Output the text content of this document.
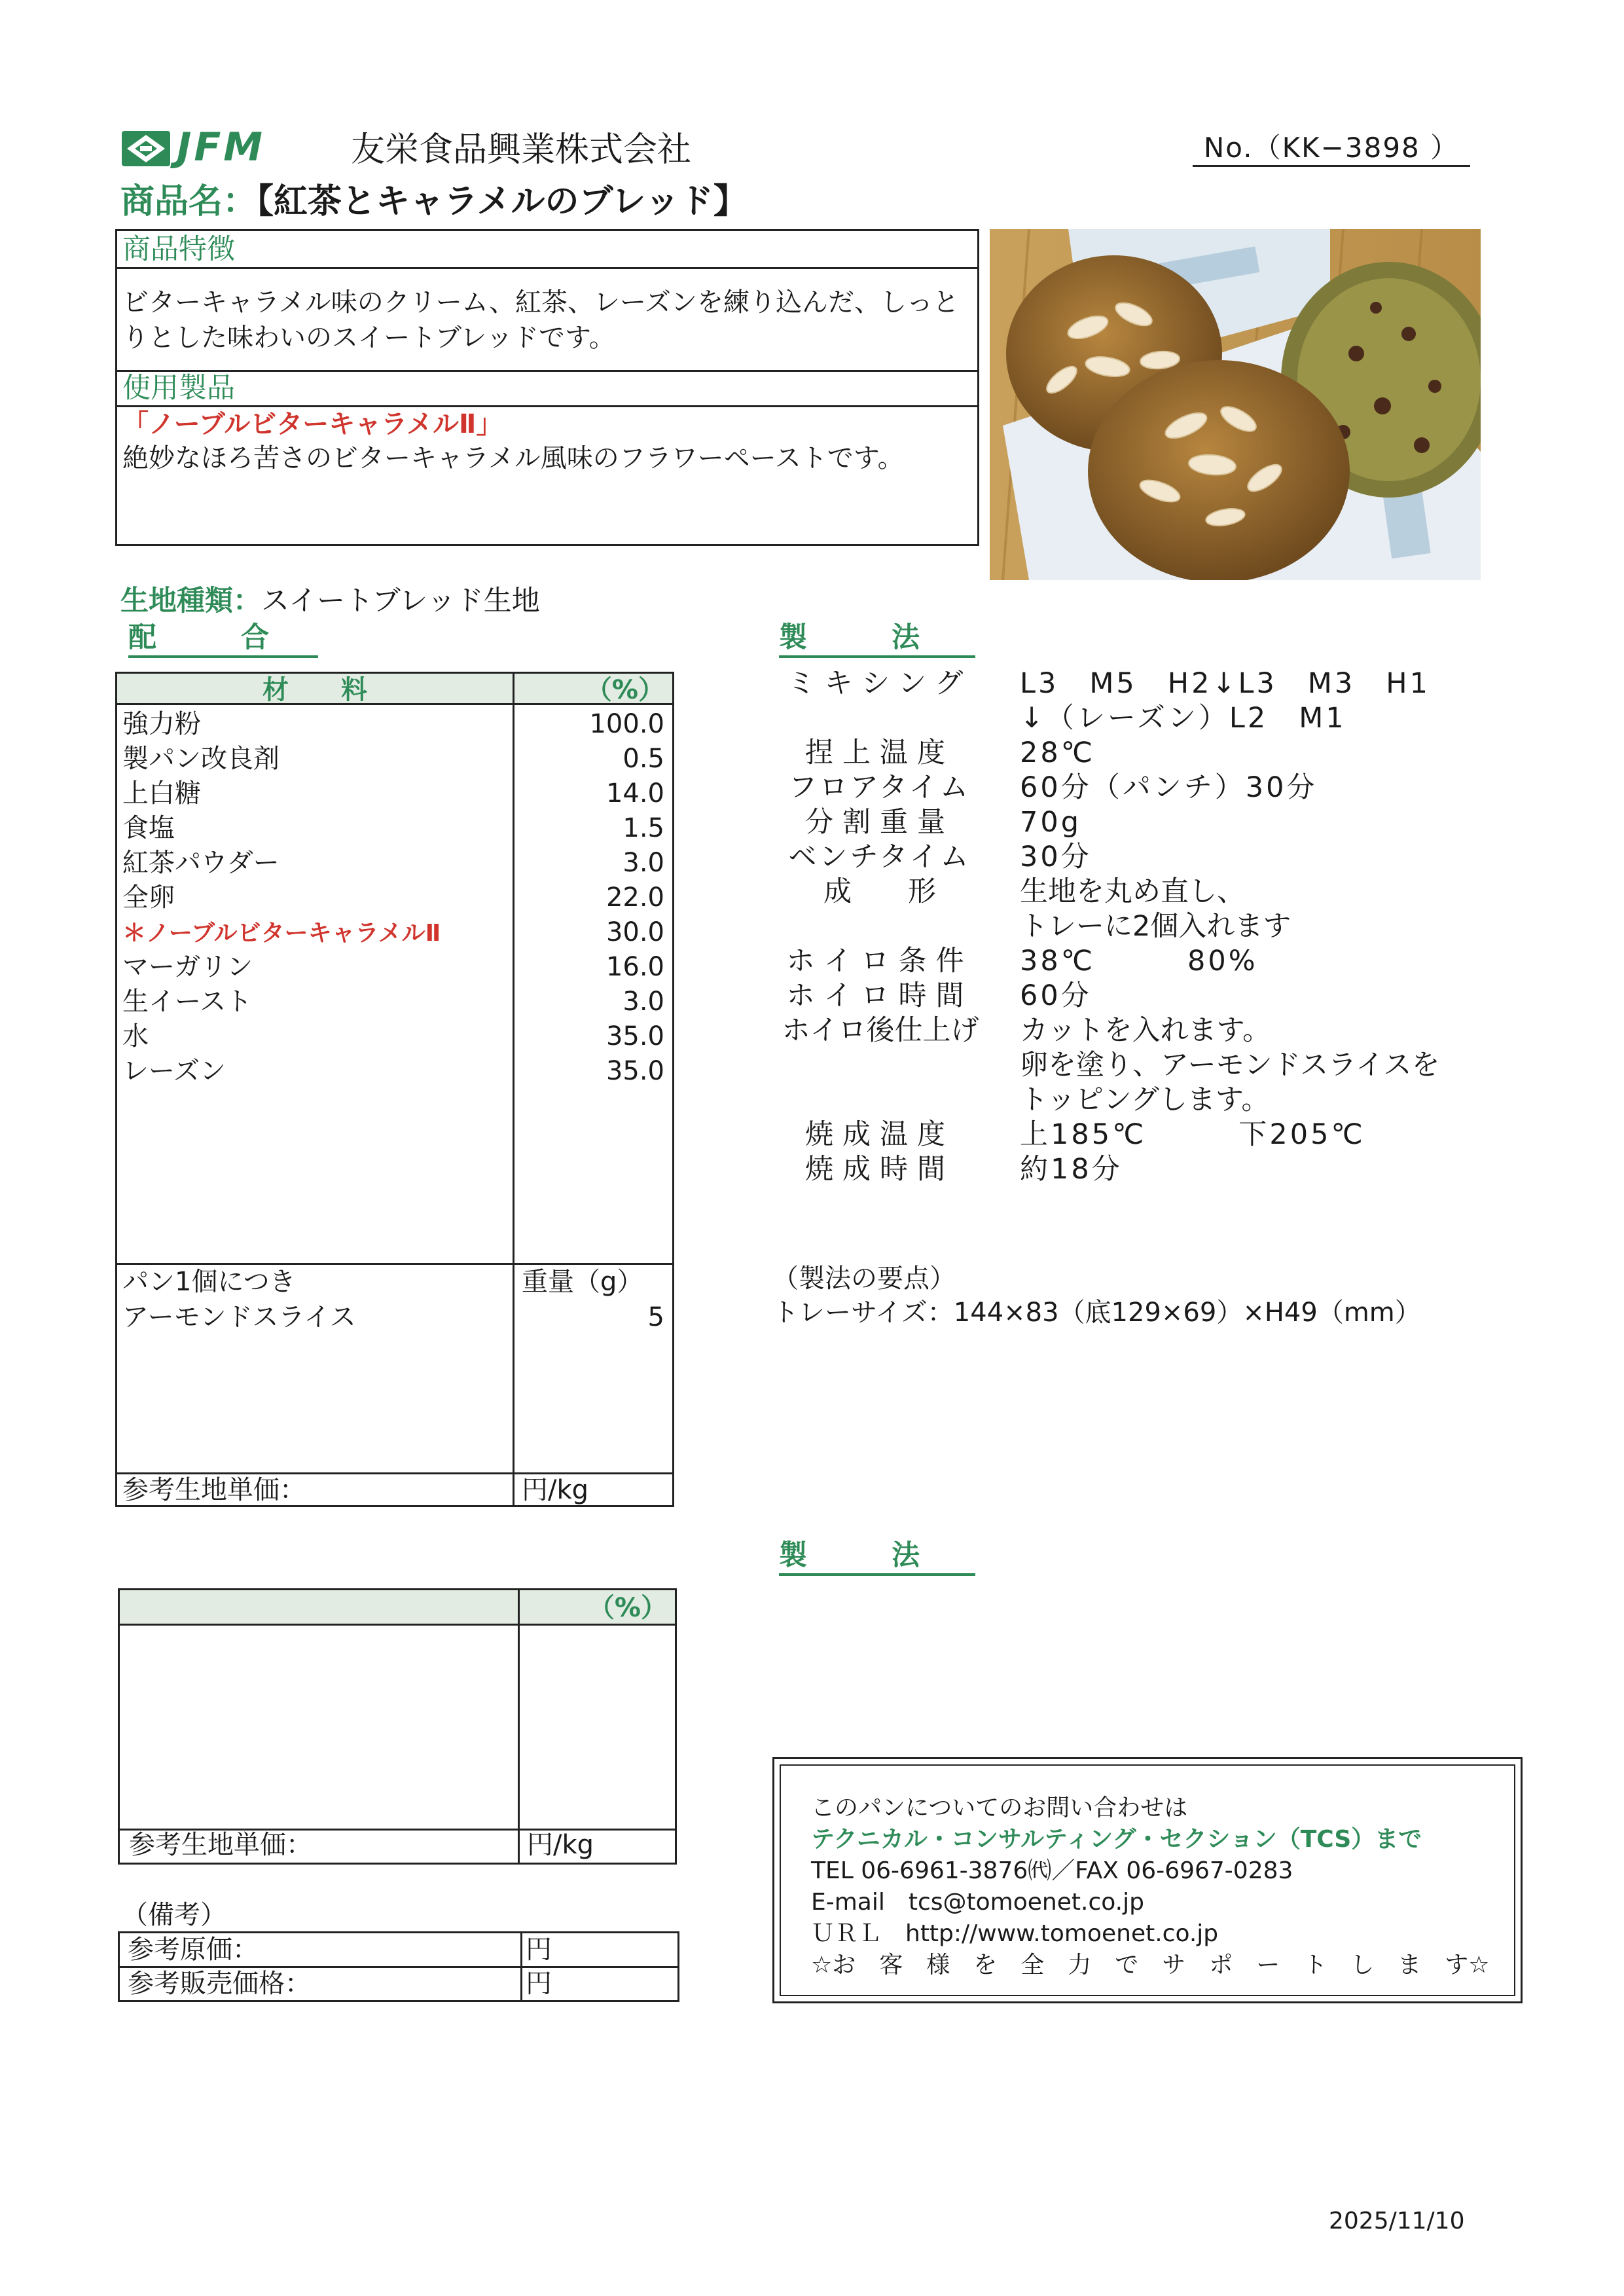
JFM	友栄食品興業株式会社	No.（KK−3898 ）
商品名：【紅茶とキャラメルのブレッド】
商品特徴
ビターキャラメル味のクリーム、紅茶、レーズンを練り込んだ、しっと
りとした味わいのスイートブレッドです。
使用製品
「ノーブルビターキャラメルⅡ」
絶妙なほろ苦さのビターキャラメル風味のフラワーペーストです。
生地種類：スイートブレッド生地
配　　　合	製　　　法
材　　料	（%）
強力粉	100.0
製パン改良剤	0.5
上白糖	14.0
食塩	1.5
紅茶パウダー	3.0
全卵	22.0
＊ノーブルビターキャラメルⅡ	30.0
マーガリン	16.0
生イースト	3.0
水	35.0
レーズン	35.0
パン1個につき	重量（g）
アーモンドスライス	5
参考生地単価：	円/kg
ミキシング L3　M5　H2↓L3　M3　H1
↓（レーズン）L2　M1
捏上温度	28℃
フロアタイム 60分（パンチ）30分
分割重量	70g
ベンチタイム 30分
成　　形	生地を丸め直し、
トレーに2個入れます
ホイロ条件 38℃　　　80%
ホイロ時間 60分
ホイロ後仕上げ	カットを入れます。
卵を塗り、アーモンドスライスを
トッピングします。
焼成温度	上185℃　　　下205℃
焼成時間	約18分
（製法の要点）
トレーサイズ：144×83（底129×69）×H49（mm）
製　　　法
（%）
参考生地単価：	円/kg
（備考）
参考原価：	円
参考販売価格：	円
このパンについてのお問い合わせは
テクニカル・コンサルティング・セクション（TCS）まで
TEL 06-6961-3876㈹／FAX 06-6967-0283
E-mail　tcs@tomoenet.co.jp
ＵＲＬ　http://www.tomoenet.co.jp
☆お　客　様　を　全　力　で　サ　ポ　ー　ト　し　ま　す☆
2025/11/10
